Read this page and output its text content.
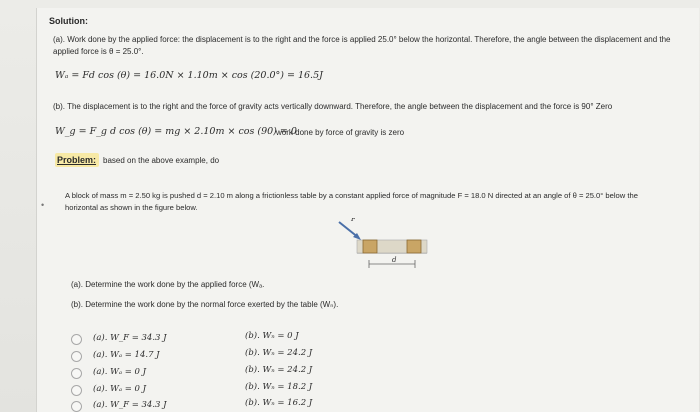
Solution:
(a). Work done by the applied force: the displacement is to the right and the force is applied 25.0° below the horizontal. Therefore, the angle between the displacement and the
applied force is θ = 25.0°.
Wₐ = Fd cos (θ) = 16.0N × 1.10m × cos (20.0°) = 16.5J
(b). The displacement is to the right and the force of gravity acts vertically downward. Therefore, the angle between the displacement and the force is 90° Zero
W_g = F_g d cos (θ) = mg × 2.10m × cos (90) = 0
work done by force of gravity is zero
Problem: based on the above example, do
•
A block of mass m = 2.50 kg is pushed d = 2.10 m along a frictionless table by a constant applied force of magnitude F = 18.0 N directed at an angle of θ = 25.0° below the
horizontal as shown in the figure below.
F
d
(a). Determine the work done by the applied force (Wₐ.
(b). Determine the work done by the normal force exerted by the table (Wₙ).
(a). W_F = 34.3 J	(b). Wₙ = 0 J
(a). Wₐ = 14.7 J	(b). Wₙ = 24.2 J
(a). Wₐ = 0 J	(b). Wₙ = 24.2 J
(a). Wₐ = 0 J	(b). Wₙ = 18.2 J
(a). W_F = 34.3 J	(b). Wₙ = 16.2 J
